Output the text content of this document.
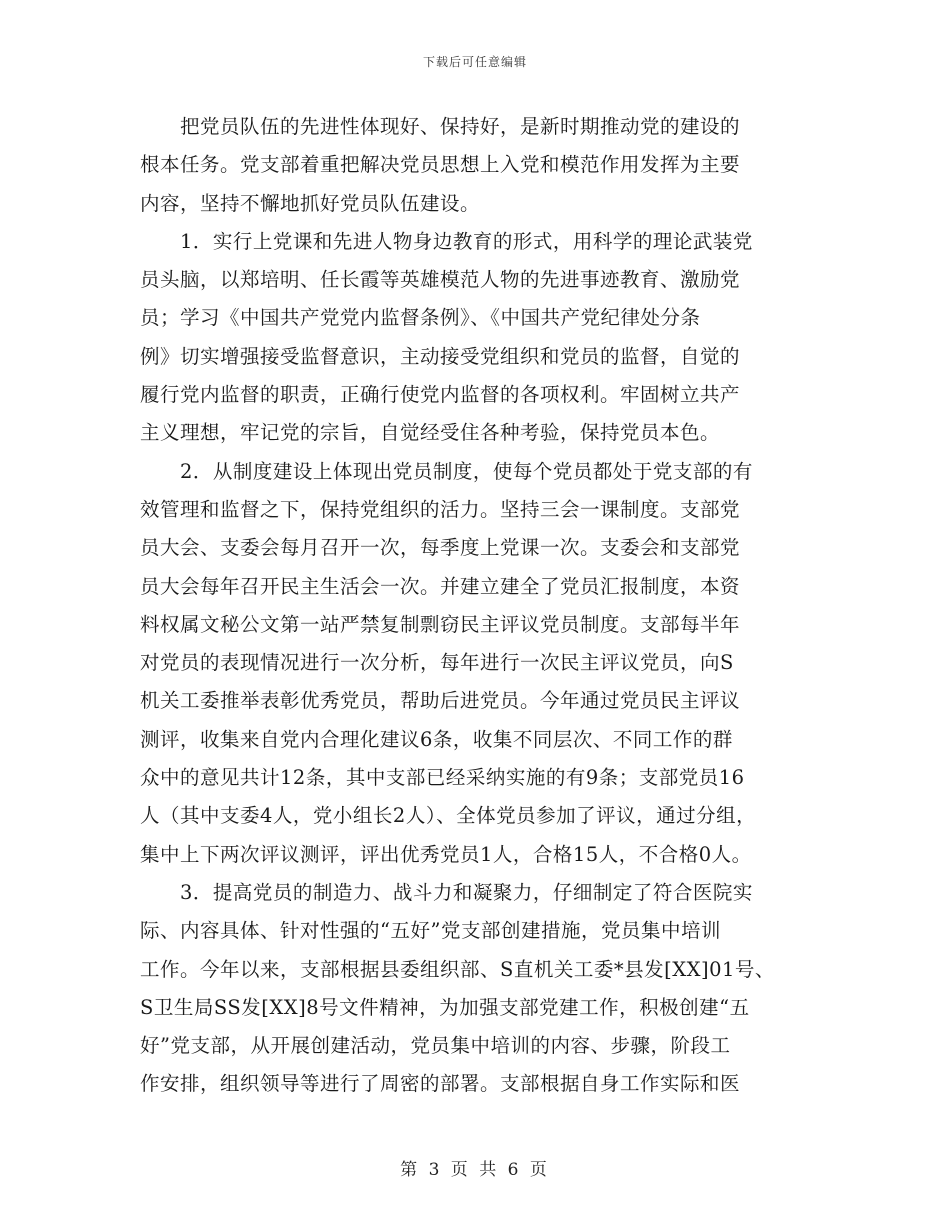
下载后可任意编辑
把党员队伍的先进性体现好、保持好，是新时期推动党的建设的
根本任务。党支部着重把解决党员思想上入党和模范作用发挥为主要
内容，坚持不懈地抓好党员队伍建设。
1．实行上党课和先进人物身边教育的形式，用科学的理论武装党
员头脑，以郑培明、任长霞等英雄模范人物的先进事迹教育、激励党
员；学习《中国共产党党内监督条例》、《中国共产党纪律处分条
例》切实增强接受监督意识，主动接受党组织和党员的监督，自觉的
履行党内监督的职责，正确行使党内监督的各项权利。牢固树立共产
主义理想，牢记党的宗旨，自觉经受住各种考验，保持党员本色。
2．从制度建设上体现出党员制度，使每个党员都处于党支部的有
效管理和监督之下，保持党组织的活力。坚持三会一课制度。支部党
员大会、支委会每月召开一次，每季度上党课一次。支委会和支部党
员大会每年召开民主生活会一次。并建立建全了党员汇报制度，本资
料权属文秘公文第一站严禁复制剽窃民主评议党员制度。支部每半年
对党员的表现情况进行一次分析，每年进行一次民主评议党员，向S
机关工委推举表彰优秀党员，帮助后进党员。今年通过党员民主评议
测评，收集来自党内合理化建议6条，收集不同层次、不同工作的群
众中的意见共计12条，其中支部已经采纳实施的有9条；支部党员16
人（其中支委4人，党小组长2人）、全体党员参加了评议，通过分组，
集中上下两次评议测评，评出优秀党员1人，合格15人，不合格0人。
3．提高党员的制造力、战斗力和凝聚力，仔细制定了符合医院实
际、内容具体、针对性强的“五好”党支部创建措施，党员集中培训
工作。今年以来，支部根据县委组织部、S直机关工委*县发[XX]01号、
S卫生局SS发[XX]8号文件精神，为加强支部党建工作，积极创建“五
好”党支部，从开展创建活动，党员集中培训的内容、步骤，阶段工
作安排，组织领导等进行了周密的部署。支部根据自身工作实际和医
第 3 页 共 6 页
